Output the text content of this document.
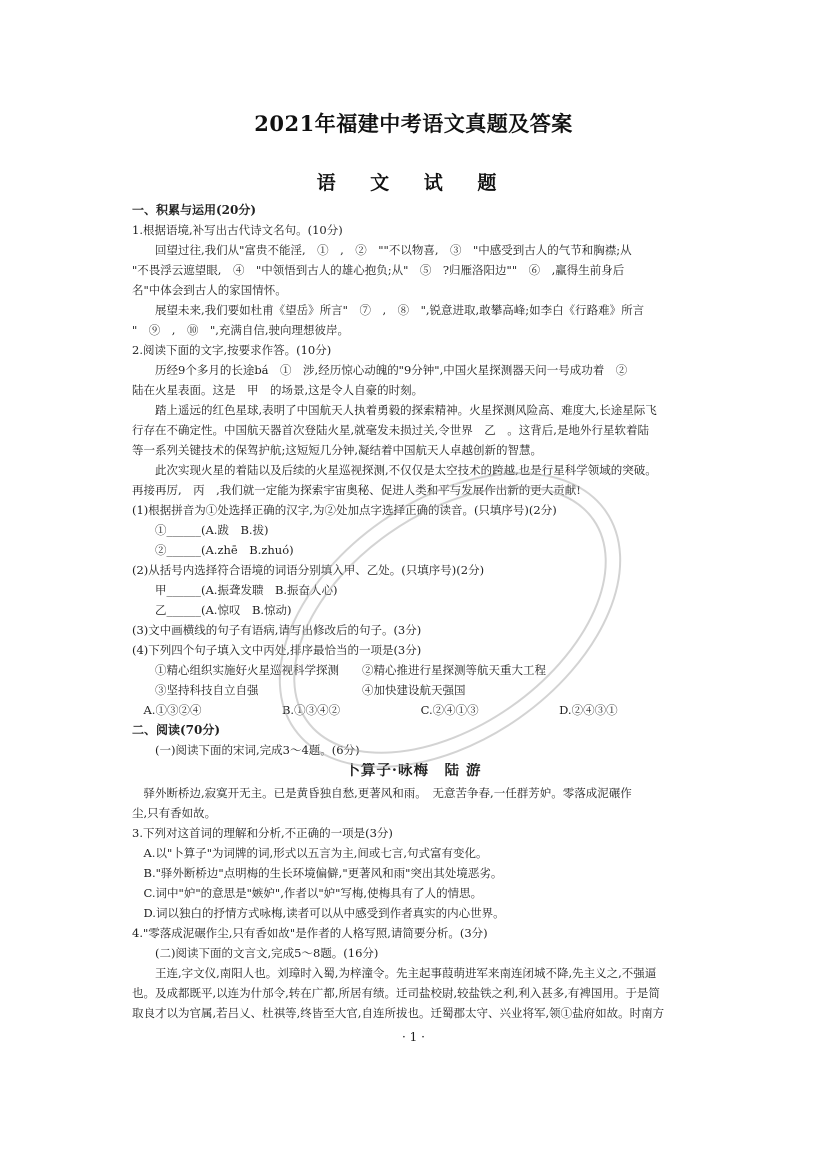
2021年福建中考语文真题及答案
语 文 试 题
一、积累与运用(20分)
1.根据语境,补写出古代诗文名句。(10分)
　　回望过往,我们从"富贵不能淫,　①　,　②　""不以物喜,　③　"中感受到古人的气节和胸襟;从
"不畏浮云遮望眼,　④　"中领悟到古人的雄心抱负;从"　⑤　?归雁洛阳边""　⑥　,赢得生前身后
名"中体会到古人的家国情怀。
　　展望未来,我们要如杜甫《望岳》所言"　⑦　,　⑧　",锐意进取,敢攀高峰;如李白《行路难》所言
"　⑨　,　⑩　",充满自信,驶向理想彼岸。
2.阅读下面的文字,按要求作答。(10分)
　　历经9个多月的长途bá　①　涉,经历惊心动魄的"9分钟",中国火星探测器天问一号成功着　②
陆在火星表面。这是　甲　的场景,这是令人自豪的时刻。
　　踏上遥远的红色星球,表明了中国航天人执着勇毅的探索精神。火星探测风险高、难度大,长途星际飞
行存在不确定性。中国航天器首次登陆火星,就毫发未损过关,令世界　乙　。这背后,是地外行星软着陆
等一系列关键技术的保驾护航;这短短几分钟,凝结着中国航天人卓越创新的智慧。
　　此次实现火星的着陆以及后续的火星巡视探测,不仅仅是太空技术的跨越,也是行星科学领域的突破。
再接再厉,　丙　,我们就一定能为探索宇宙奥秘、促进人类和平与发展作出新的更大贡献!
(1)根据拼音为①处选择正确的汉字,为②处加点字选择正确的读音。(只填序号)(2分)
　　①______(A.跋　B.拔)
　　②______(A.zhē　B.zhuó)
(2)从括号内选择符合语境的词语分别填入甲、乙处。(只填序号)(2分)
　　甲______(A.振聋发聩　B.振奋人心)
　　乙______(A.惊叹　B.惊动)
(3)文中画横线的句子有语病,请写出修改后的句子。(3分)
(4)下列四个句子填入文中丙处,排序最恰当的一项是(3分)
　　①精心组织实施好火星巡视科学探测　　②精心推进行星探测等航天重大工程
　　③坚持科技自立自强　　　　　　　　　④加快建设航天强国
　A.①③②④　　　　　　　B.①③④②　　　　　　　C.②④①③　　　　　　　D.②④③①
二、阅读(70分)
　　(一)阅读下面的宋词,完成3～4题。(6分)
卜算子·咏梅　陆 游
　驿外断桥边,寂寞开无主。已是黄昏独自愁,更著风和雨。　无意苦争春,一任群芳妒。零落成泥碾作
尘,只有香如故。
3.下列对这首词的理解和分析,不正确的一项是(3分)
　A.以"卜算子"为词牌的词,形式以五言为主,间或七言,句式富有变化。
　B."驿外断桥边"点明梅的生长环境偏僻,"更著风和雨"突出其处境恶劣。
　C.词中"妒"的意思是"嫉妒",作者以"妒"写梅,使梅具有了人的情思。
　D.词以独白的抒情方式咏梅,读者可以从中感受到作者真实的内心世界。
4."零落成泥碾作尘,只有香如故"是作者的人格写照,请简要分析。(3分)
　　(二)阅读下面的文言文,完成5～8题。(16分)
　　王连,字文仪,南阳人也。刘璋时入蜀,为梓潼令。先主起事葭萌进军来南连闭城不降,先主义之,不强逼
也。及成都既平,以连为什邡令,转在广都,所居有绩。迁司盐校尉,较盐铁之利,利入甚多,有裨国用。于是简
取良才以为官属,若吕乂、杜祺等,终皆至大官,自连所拔也。迁蜀郡太守、兴业将军,领①盐府如故。时南方
· 1 ·
